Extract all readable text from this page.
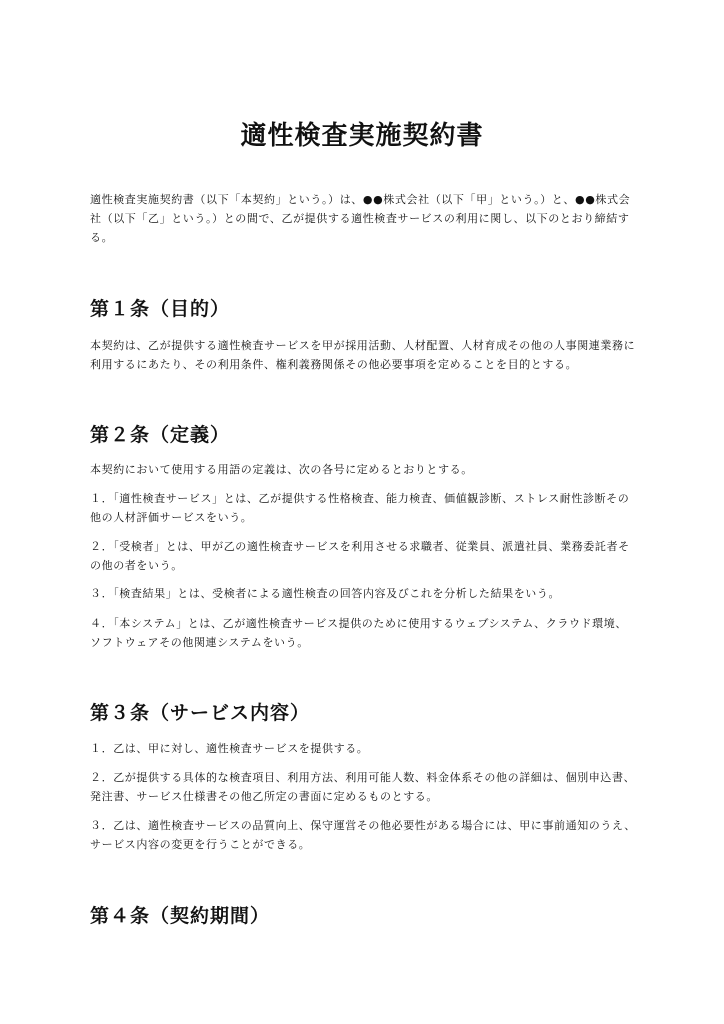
適性検査実施契約書

適性検査実施契約書（以下「本契約」という。）は、●●株式会社（以下「甲」という。）と、●●株式会社（以下「乙」という。）との間で、乙が提供する適性検査サービスの利用に関し、以下のとおり締結する。

第１条（目的）

本契約は、乙が提供する適性検査サービスを甲が採用活動、人材配置、人材育成その他の人事関連業務に利用するにあたり、その利用条件、権利義務関係その他必要事項を定めることを目的とする。

第２条（定義）

本契約において使用する用語の定義は、次の各号に定めるとおりとする。

１．「適性検査サービス」とは、乙が提供する性格検査、能力検査、価値観診断、ストレス耐性診断その他の人材評価サービスをいう。

２．「受検者」とは、甲が乙の適性検査サービスを利用させる求職者、従業員、派遣社員、業務委託者その他の者をいう。

３．「検査結果」とは、受検者による適性検査の回答内容及びこれを分析した結果をいう。

４．「本システム」とは、乙が適性検査サービス提供のために使用するウェブシステム、クラウド環境、ソフトウェアその他関連システムをいう。

第３条（サービス内容）

１．乙は、甲に対し、適性検査サービスを提供する。

２．乙が提供する具体的な検査項目、利用方法、利用可能人数、料金体系その他の詳細は、個別申込書、発注書、サービス仕様書その他乙所定の書面に定めるものとする。

３．乙は、適性検査サービスの品質向上、保守運営その他必要性がある場合には、甲に事前通知のうえ、サービス内容の変更を行うことができる。

第４条（契約期間）
